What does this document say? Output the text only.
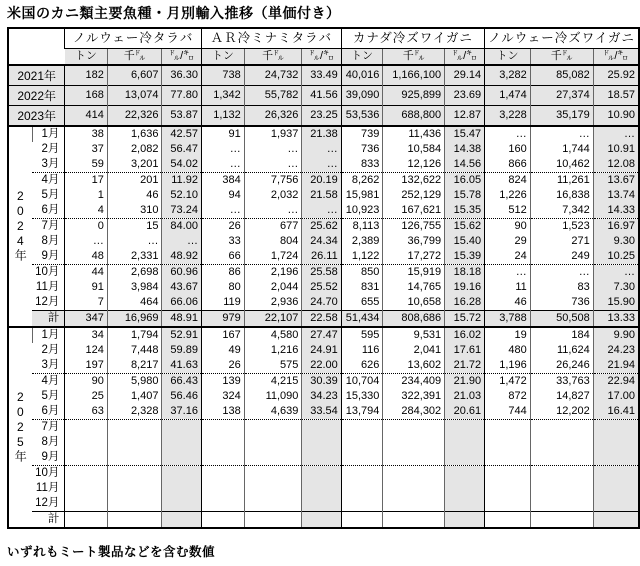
米国のカニ類主要魚種・月別輸入推移（単価付き）
		ノルウェー冷タラバ			ＡＲ冷ミナミタラバ			カナダ冷ズワイガニ			ノルウェー冷ズワイガニ		
		トン	千㌦	㌦/㌔	トン	千㌦	㌦/㌔	トン	千㌦	㌦/㌔	トン	千㌦	㌦/㌔
2021年		182	6,607	36.30	738	24,732	33.49	40,016	1,166,100	29.14	3,282	85,082	25.92
2022年		168	13,074	77.80	1,342	55,782	41.56	39,090	925,899	23.69	1,474	27,374	18.57
2023年		414	22,326	53.87	1,132	26,326	23.25	53,536	688,800	12.87	3,228	35,179	10.90
2024年	1月	38	1,636	42.57	91	1,937	21.38	739	11,436	15.47	…	…	…
	2月	37	2,082	56.47	…	…	…	736	10,584	14.38	160	1,744	10.91
	3月	59	3,201	54.02	…	…	…	833	12,126	14.56	866	10,462	12.08
	4月	17	201	11.92	384	7,756	20.19	8,262	132,622	16.05	824	11,261	13.67
	5月	1	46	52.10	94	2,032	21.58	15,981	252,129	15.78	1,226	16,838	13.74
	6月	4	310	73.24	…	…	…	10,923	167,621	15.35	512	7,342	14.33
	7月	0	15	84.00	26	677	25.62	8,113	126,755	15.62	90	1,523	16.97
	8月	…	…	…	33	804	24.34	2,389	36,799	15.40	29	271	9.30
	9月	48	2,331	48.92	66	1,724	26.11	1,122	17,272	15.39	24	249	10.25
	10月	44	2,698	60.96	86	2,196	25.58	850	15,919	18.18	…	…	…
	11月	91	3,984	43.67	80	2,044	25.52	831	14,765	19.16	11	83	7.30
	12月	7	464	66.06	119	2,936	24.70	655	10,658	16.28	46	736	15.90
	計	347	16,969	48.91	979	22,107	22.58	51,434	808,686	15.72	3,788	50,508	13.33
2025年	1月	34	1,794	52.91	167	4,580	27.47	595	9,531	16.02	19	184	9.90
	2月	124	7,448	59.89	49	1,216	24.91	116	2,041	17.61	480	11,624	24.23
	3月	197	8,217	41.63	26	575	22.00	626	13,602	21.72	1,196	26,246	21.94
	4月	90	5,980	66.43	139	4,215	30.39	10,704	234,409	21.90	1,472	33,763	22.94
	5月	25	1,407	56.46	324	11,090	34.23	15,330	322,391	21.03	872	14,827	17.00
	6月	63	2,328	37.16	138	4,639	33.54	13,794	284,302	20.61	744	12,202	16.41
	7月												
	8月												
	9月												
	10月												
	11月												
	12月												
	計												
いずれもミート製品などを含む数値
